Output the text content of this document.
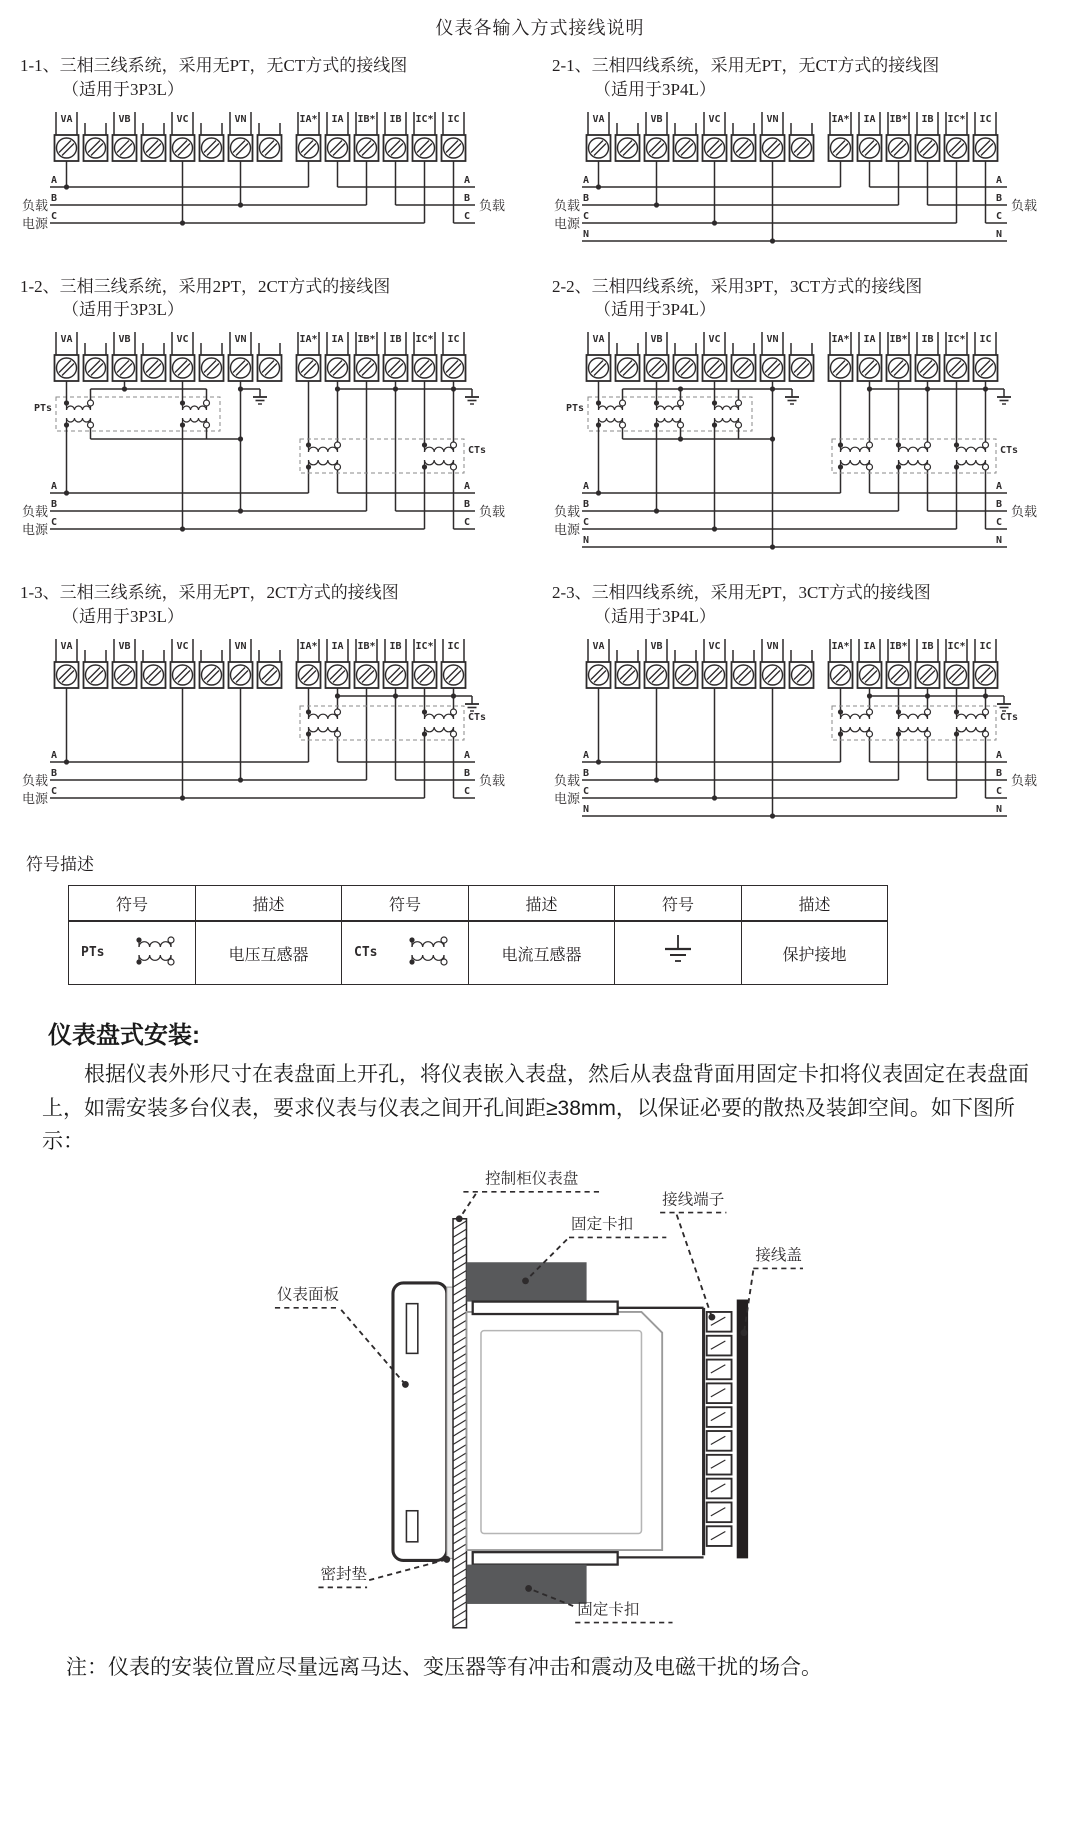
仪表各输入方式接线说明
1-1、三相三线系统，采用无PT，无CT方式的接线图
（适用于3P3L）
VA	VB	VC	VN	IA* IA IB* IB IC* IC
A	A
B	B
C	C
负载
电源
负载
2-1、三相四线系统，采用无PT，无CT方式的接线图
（适用于3P4L）
VA	VB	VC	VN	IA* IA IB* IB IC* IC
A	A
B	B
C	C
N	N
负载
电源
负载
1-2、三相三线系统，采用2PT，2CT方式的接线图
（适用于3P3L）
VA	VB	VC	VN	IA* IA IB* IB IC* IC
A	A
B	B
C	C
CTs
PTs
负载
电源
负载
2-2、三相四线系统，采用3PT，3CT方式的接线图
（适用于3P4L）
VA	VB	VC	VN	IA* IA IB* IB IC* IC
A	A
B	B
C	C
N	N
CTs
PTs
负载
电源
负载
1-3、三相三线系统，采用无PT，2CT方式的接线图
（适用于3P3L）
VA	VB	VC	VN	IA* IA IB* IB IC* IC
A	A
B	B
C	C
CTs
负载
电源
负载
2-3、三相四线系统，采用无PT，3CT方式的接线图
（适用于3P4L）
VA	VB	VC	VN	IA* IA IB* IB IC* IC
A	A
B	B
C	C
N	N
CTs
负载
电源
负载
符号描述
符号	描述	符号	描述	符号	描述

PTs	电压互感器	CTs	电流互感器		保护接地
仪表盘式安装:

根据仪表外形尺寸在表盘面上开孔，将仪表嵌入表盘，然后从表盘背面用固定卡扣将仪表固定在表盘面上，如需安装多台仪表，要求仪表与仪表之间开孔间距≥38mm，以保证必要的散热及装卸空间。如下图所示：

控制柜仪表盘
固定卡扣
接线端子
接线盖
仪表面板
密封垫
固定卡扣

注：仪表的安装位置应尽量远离马达、变压器等有冲击和震动及电磁干扰的场合。
